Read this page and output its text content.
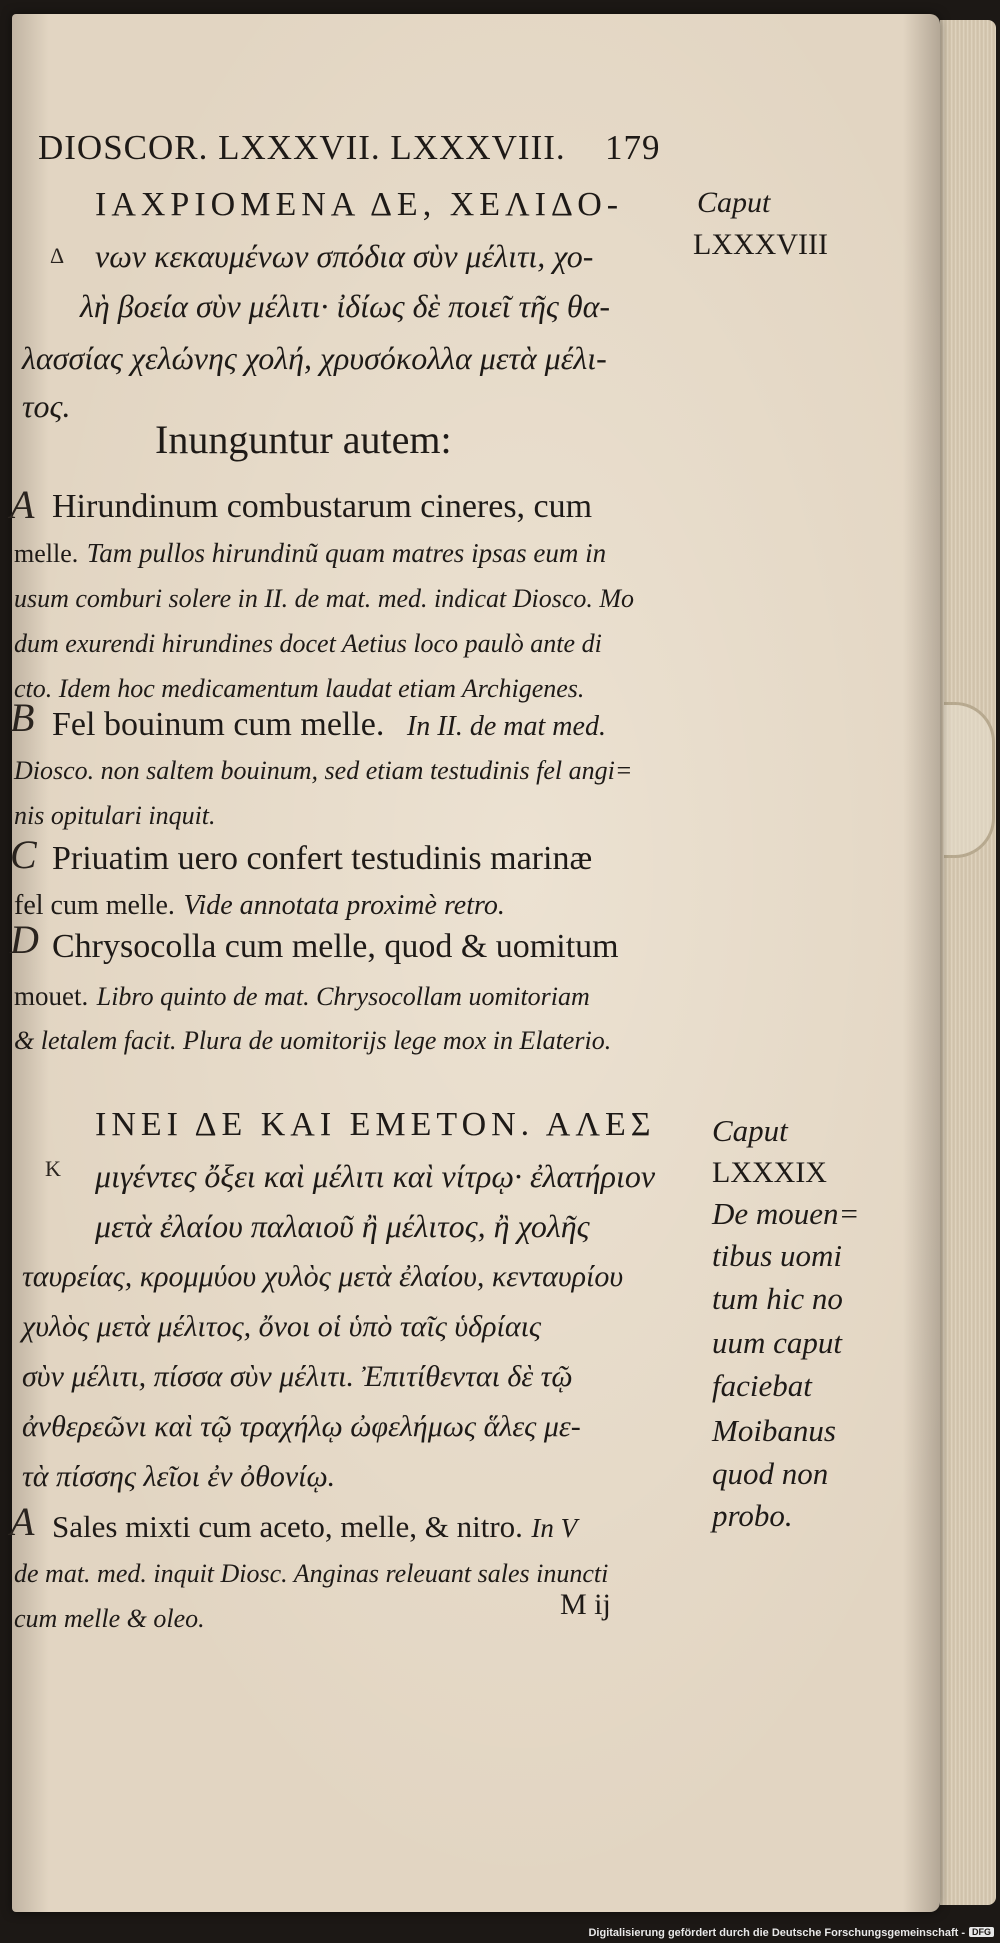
DIOSCOR. LXXXVII. LXXXVIII. 179

Caput

LXXXVIII

ΙΑΧΡΙΟΜΕΝΑ ΔΕ, ΧΕΛΙΔΟ-

Δ νων κεκαυμένων σπόδια σὺν μέλιτι, χο-

λὴ βοεία σὺν μέλιτι· ἰδίως δὲ ποιεῖ τῆς θα-

λασσίας χελώνης χολή, χρυσόκολλα μετὰ μέλι-

τος.

Inunguntur autem:

A Hirundinum combustarum cineres, cum

melle. Tam pullos hirundinũ quam matres ipsas eum in

usum comburi solere in II. de mat. med. indicat Diosco. Mo

dum exurendi hirundines docet Aetius loco paulò ante di

cto. Idem hoc medicamentum laudat etiam Archigenes.

B Fel bouinum cum melle. In II. de mat med.

Diosco. non saltem bouinum, sed etiam testudinis fel angi=

nis opitulari inquit.

C Priuatim uero confert testudinis marinæ

fel cum melle. Vide annotata proximè retro.

D Chrysocolla cum melle, quod & uomitum

mouet. Libro quinto de mat. Chrysocollam uomitoriam

& letalem facit. Plura de uomitorijs lege mox in Elaterio.

Caput

LXXXIX

De mouen=

tibus uomi

tum hic no

uum caput

faciebat

Moibanus

quod non

probo.

ΙΝΕΙ ΔΕ ΚΑΙ ΕΜΕΤΟΝ. ΑΛΕΣ

K μιγέντες ὄξει καὶ μέλιτι καὶ νίτρῳ· ἐλατήριον

μετὰ ἐλαίου παλαιοῦ ἢ μέλιτος, ἢ χολῆς

ταυρείας, κρομμύου χυλὸς μετὰ ἐλαίου, κενταυρίου

χυλὸς μετὰ μέλιτος, ὄνοι οἱ ὑπὸ ταῖς ὑδρίαις

σὺν μέλιτι, πίσσα σὺν μέλιτι. Ἐπιτίθενται δὲ τῷ

ἀνθερεῶνι καὶ τῷ τραχήλῳ ὠφελήμως ἅλες με-

τὰ πίσσης λεῖοι ἐν ὀθονίῳ.

A Sales mixti cum aceto, melle, & nitro. In V

de mat. med. inquit Diosc. Anginas releuant sales inuncti

cum melle & oleo.	M ij

Digitalisierung gefördert durch die Deutsche Forschungsgemeinschaft - DFG
